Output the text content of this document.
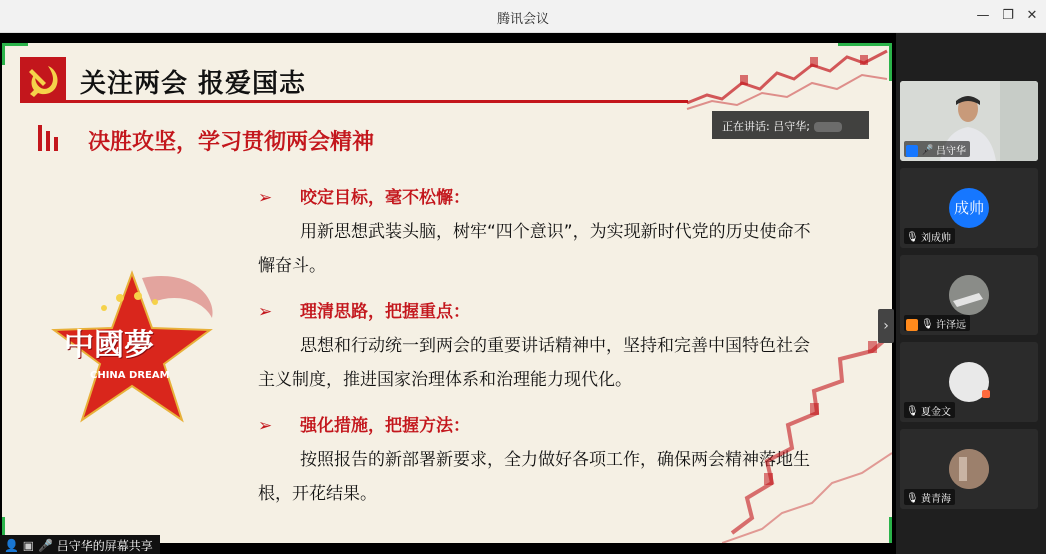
腾讯会议	— ❐ ✕
关注两会 报爱国志
决胜攻坚，学习贯彻两会精神
中國夢
CHINA DREAM
➢ 咬定目标，毫不松懈：
用新思想武装头脑，树牢“四个意识”，为实现新时代党的历史使命不懈奋斗。
➢ 理清思路，把握重点：
思想和行动统一到两会的重要讲话精神中，坚持和完善中国特色社会主义制度，推进国家治理体系和治理能力现代化。
➢ 强化措施，把握方法：
按照报告的新部署新要求，全力做好各项工作，确保两会精神落地生根，开花结果。
正在讲话: 吕守华;
›
👤 ▣ 🎤 吕守华的屏幕共享
🎤 吕守华
成帅
🎙 刘成帅
🎙 许泽远
🎙 夏金文
🎙 黄青海
